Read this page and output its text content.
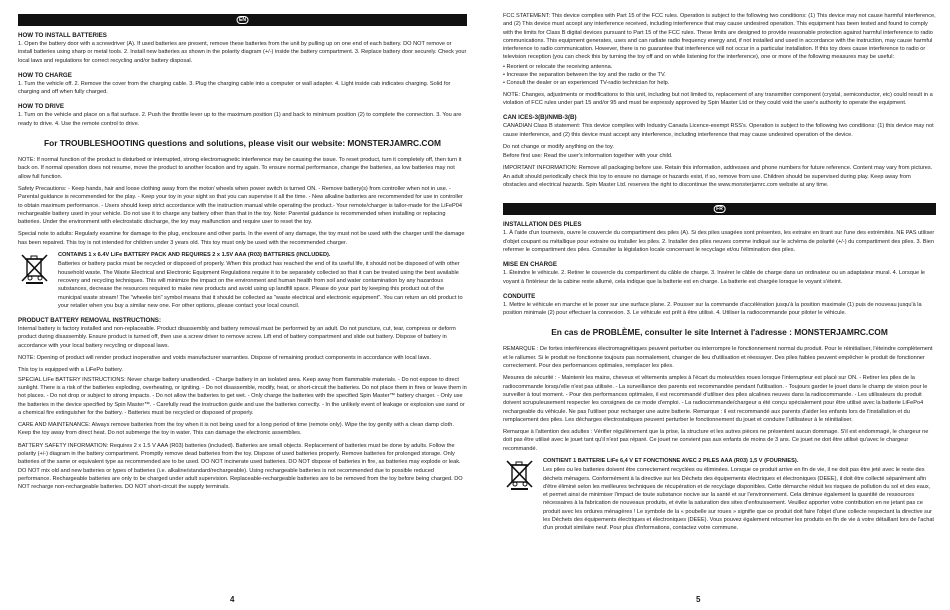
EN
HOW TO INSTALL BATTERIES

1. Open the battery door with a screwdriver (A). If used batteries are present, remove these batteries from the unit by pulling up on one end of each battery. DO NOT remove or install batteries using sharp or metal tools. 2. Install new batteries as shown in the polarity diagram (+/-) inside the battery compartment. 3. Replace battery door securely. Check your local laws and regulations for correct recycling and/or battery disposal.

HOW TO CHARGE

1. Turn the vehicle off. 2. Remove the cover from the charging cable. 3. Plug the charging cable into a computer or wall adapter. 4. Light inside cab indicates charging. Solid for charging and off when fully charged.

HOW TO DRIVE

1. Turn on the vehicle and place on a flat surface. 2. Push the throttle lever up to the maximum position (1) and back to minimum position (2) to complete the connection. 3. You are ready to drive. 4. Use the remote control to drive.

For TROUBLESHOOTING questions and solutions, please visit our website: MONSTERJAMRC.COM

NOTE: If normal function of the product is disturbed or interrupted, strong electromagnetic interference may be causing the issue. To reset product, turn it completely off, then turn it back on. If normal operation does not resume, move the product to another location and try again. To ensure normal performance, change the batteries, as low batteries may not allow full function.

Safety Precautions: - Keep hands, hair and loose clothing away from the motor/ wheels when power switch is turned ON. - Remove battery(s) from controller when not in use. - Parental guidance is recommended for the play. - Keep your toy in your sight so that you can supervise it all the time. - New alkaline batteries are recommended for use in controller to obtain maximum performance. - Users should keep strict accordance with the instruction manual while operating the product.- Your remote/charger is tailor-made for the LiFeP04 rechargeable battery used in your vehicle. Do not use it to charge any battery other than that in the toy. Note: Parental guidance is recommended when installing or replacing batteries. Under the environment with electrostatic discharge, the toy may malfunction and require user to reset the toy.

Special note to adults: Regularly examine for damage to the plug, enclosure and other parts. In the event of any damage, the toy must not be used with the charger until the damage has been repaired. This toy is not intended for children under 3 years old. This toy must only be used with the recommended charger.

CONTAINS 1 x 6.4V LiFe BATTERY PACK AND REQUIRES 2 x 1.5V AAA (R03) BATTERIES (INCLUDED).

Batteries or battery packs must be recycled or disposed of properly. When this product has reached the end of its useful life, it should not be disposed of with other household waste. The Waste Electrical and Electronic Equipment Regulations require it to be separately collected so that it can be treated using the best available recovery and recycling techniques. This will minimize the impact on the environment and human health from soil and water contamination by any hazardous substances, decrease the resources required to make new products and avoid using up landfill space. Please do your part by keeping this product out of the municipal waste stream! The "wheelie bin" symbol means that it should be collected as "waste electrical and electronic equipment". You can return an old product to your retailer when you buy a similar new one. For other options, please contact your local council.

PRODUCT BATTERY REMOVAL INSTRUCTIONS:

Internal battery is factory installed and non-replaceable. Product disassembly and battery removal must be performed by an adult. Do not puncture, cut, tear, compress or deform product during disassembly. Ensure product is turned off, then use a screw driver to remove screw. Lift end of battery compartment and slide out battery. Dispose of battery in accordance with your local battery recycling or disposal laws.

NOTE: Opening of product will render product inoperative and voids manufacturer warranties. Dispose of remaining product components in accordance with local laws.

This toy is equipped with a LiFePo battery.

SPECIAL LiFe BATTERY INSTRUCTIONS: Never charge battery unattended. - Charge battery in an isolated area. Keep away from flammable materials. - Do not expose to direct sunlight. There is a risk of the batteries exploding, overheating, or igniting. - Do not disassemble, modify, heat, or short-circuit the batteries. Do not place them in fires or leave them in hot places. - Do not drop or subject to strong impacts. - Do not allow the batteries to get wet. - Only charge the batteries with the specified Spin Master™ battery charger. - Only use the batteries in the device specified by Spin Master™. - Carefully read the instruction guide and use the batteries correctly. - In the unlikely event of leakage or explosion use sand or a chemical fire extinguisher for the battery. - Batteries must be recycled or disposed of properly.

CARE AND MAINTENANCE: Always remove batteries from the toy when it is not being used for a long period of time (remote only). Wipe the toy gently with a clean damp cloth. Keep the toy away from direct heat. Do not submerge the toy in water. This can damage the electronic assemblies.

BATTERY SAFETY INFORMATION: Requires 2 x 1.5 V AAA (R03) batteries (included). Batteries are small objects. Replacement of batteries must be done by adults. Follow the polarity (+/-) diagram in the battery compartment. Promptly remove dead batteries from the toy. Dispose of used batteries properly. Remove batteries for prolonged storage. Only batteries of the same or equivalent type as recommended are to be used. DO NOT incinerate used batteries. DO NOT dispose of batteries in fire, as batteries may explode or leak. DO NOT mix old and new batteries or types of batteries (i.e. alkaline/standard/rechargeable). Using rechargeable batteries is not recommended due to possible reduced performance. Rechargeable batteries are only to be charged under adult supervision. Replaceable-rechargeable batteries are to be removed from the toy before being charged. DO NOT recharge non-rechargeable batteries. DO NOT short-circuit the supply terminals.

4

FCC STATEMENT: This device complies with Part 15 of the FCC rules. Operation is subject to the following two conditions: (1) This device may not cause harmful interference, and (2) This device must accept any interference received, including interference that may cause undesired operation. This equipment has been tested and found to comply with the limits for Class B digital devices pursuant to Part 15 of the FCC rules. These limits are designed to provide reasonable protection against harmful interference to radio communications. This equipment generates, uses and can radiate radio frequency energy and, if not installed and used in accordance with the instruction, may cause harmful interference to radio communication. However, there is no guarantee that interference will not occur in a particular installation. If this toy does cause interference to radio or television reception (you can check this by turning the toy off and on while listening for the interference), one or more of the following measures may be useful:

• Reorient or relocate the receiving antenna.
• Increase the separation between the toy and the radio or the TV.
• Consult the dealer or an experienced TV-radio technician for help.

NOTE: Changes, adjustments or modifications to this unit, including but not limited to, replacement of any transmitter component (crystal, semiconductor, etc) could result in a violation of FCC rules under part 15 and/or 95 and must be expressly approved by Spin Master Ltd or they could void the user's authority to operate the equipment.

CAN ICES-3(B)/NMB-3(B)

CANADIAN Class B statement: This device complies with Industry Canada Licence-exempt RSS's. Operation is subject to the following two conditions: (1) this device may not cause interference, and (2) this device must accept any interference, including interference that may cause undesired operation of the device.

Do not change or modify anything on the toy.

Before first use: Read the user's information together with your child.

IMPORTANT INFORMATION: Remove all packaging before use. Retain this information, addresses and phone numbers for future reference. Content may vary from pictures. An adult should periodically check this toy to ensure no damage or hazards exist, if so, remove from use. Children should be supervised during play. Keep away from obstacles and electrical hazards. Spin Master Ltd. reserves the right to discontinue the www.monsterjamrc.com website at any time.

FR
INSTALLATION DES PILES

1. À l'aide d'un tournevis, ouvre le couvercle du compartiment des piles (A). Si des piles usagées sont présentes, les extraire en tirant sur l'une des extrémités. NE PAS utiliser d'objet coupant ou métallique pour extraire ou installer les piles. 2. Installer des piles neuves comme indiqué sur le schéma de polarité (+/-) du compartiment des piles. 3. Bien refermer le compartiment des piles. Consulter la législation locale concernant le recyclage et/ou l'élimination des piles.

MISE EN CHARGE

1. Éteindre le véhicule. 2. Retirer le couvercle du compartiment du câble de charge. 3. Insérer le câble de charge dans un ordinateur ou un adaptateur mural. 4. Lorsque le voyant à l'intérieur de la cabine reste allumé, cela indique que la batterie est en charge. La batterie est chargée lorsque le voyant s'éteint.

CONDUITE

1. Mettre le véhicule en marche et le poser sur une surface plane. 2. Pousser sur la commande d'accélération jusqu'à la position maximale (1) puis de nouveau jusqu'à la position minimale (2) pour effectuer la connexion. 3. Le véhicule est prêt à être utilisé. 4. Utiliser la radiocommande pour piloter le véhicule.

En cas de PROBLÈME, consulter le site Internet à l'adresse : MONSTERJAMRC.COM

REMARQUE : De fortes interférences électromagnétiques peuvent perturber ou interrompre le fonctionnement normal du produit. Pour le réinitialiser, l'éteindre complètement et le rallumer. Si le produit ne fonctionne toujours pas normalement, changer de lieu d'utilisation et réessayer. Des piles faibles peuvent empêcher le produit de fonctionner correctement. Pour des performances optimales, remplacer les piles.

Mesures de sécurité : - Maintenir les mains, cheveux et vêtements amples à l'écart du moteur/des roues lorsque l'interrupteur est placé sur ON. - Retirer les piles de la radiocommande lorsqu'elle n'est pas utilisée. - La surveillance des parents est recommandée pendant l'utilisation. - Toujours garder le jouet dans le champ de vision pour le surveiller à tout moment. - Pour des performances optimales, il est recommandé d'utiliser des piles alcalines neuves dans la radiocommande. - Les utilisateurs du produit doivent scrupuleusement respecter les consignes de ce mode d'emploi. - La radiocommande/chargeur a été conçu spécialement pour être utilisé avec la batterie LiFePo4 rechargeable du véhicule. Ne pas l'utiliser pour recharger une autre batterie. Remarque : il est recommandé aux parents d'aider les enfants lors de l'installation et du remplacement des piles. Les décharges électrostatiques peuvent perturber le fonctionnement du jouet et conduire l'utilisateur à le réinitialiser.

Remarque à l'attention des adultes : Vérifier régulièrement que la prise, la structure et les autres pièces ne présentent aucun dommage. S'il est endommagé, le chargeur ne doit pas être utilisé avec le jouet tant qu'il n'est pas réparé. Ce jouet ne convient pas aux enfants de moins de 3 ans. Ce jouet ne doit être utilisé qu'avec le chargeur recommandé.

CONTIENT 1 BATTERIE LiFe 6,4 V ET FONCTIONNE AVEC 2 PILES AAA (R03) 1,5 V (FOURNIES).

Les piles ou les batteries doivent être correctement recyclées ou éliminées. Lorsque ce produit arrive en fin de vie, il ne doit pas être jeté avec le reste des déchets ménagers. Conformément à la directive sur les Déchets des équipements électriques et électroniques (DEEE), il doit être collecté séparément afin d'être éliminé selon les meilleures techniques de récupération et de recyclage disponibles. Cette démarche réduit les risques de pollution du sol et des eaux, et permet ainsi de minimiser l'impact de toute substance nocive sur la santé et sur l'environnement. Cela diminue également la quantité de ressources nécessaires à la fabrication de nouveaux produits, et évite la saturation des sites d'enfouissement. Veuillez apporter votre contribution en ne jetant pas ce produit avec les ordures ménagères ! Le symbole de la « poubelle sur roues » signifie que ce produit doit faire l'objet d'une collecte respectant la directive sur les Déchets des équipements électriques et électroniques (DEEE). Vous pouvez également retourner les produits en fin de vie à votre détaillant lors de l'achat d'un produit similaire neuf. Pour plus d'informations, contactez votre commune.

5
